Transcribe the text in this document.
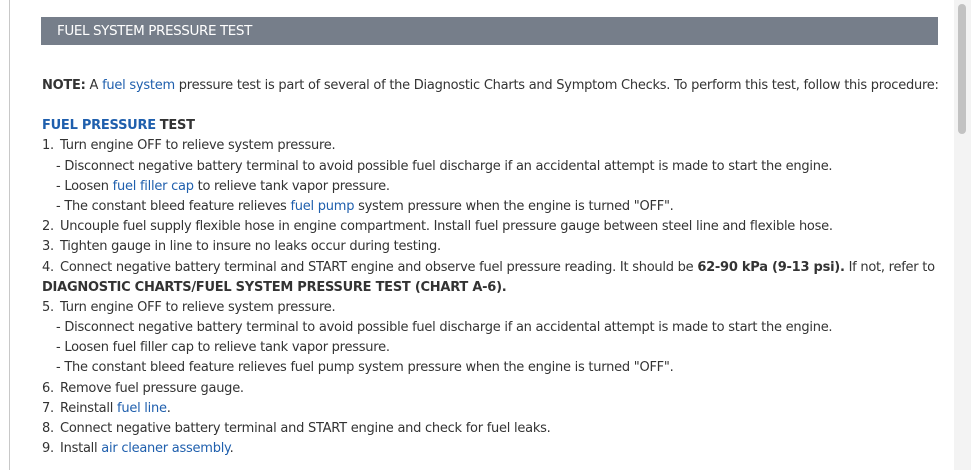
FUEL SYSTEM PRESSURE TEST
NOTE: A fuel system pressure test is part of several of the Diagnostic Charts and Symptom Checks. To perform this test, follow this procedure:
FUEL PRESSURE TEST
1. Turn engine OFF to relieve system pressure.
- Disconnect negative battery terminal to avoid possible fuel discharge if an accidental attempt is made to start the engine.
- Loosen fuel filler cap to relieve tank vapor pressure.
- The constant bleed feature relieves fuel pump system pressure when the engine is turned "OFF".
2. Uncouple fuel supply flexible hose in engine compartment. Install fuel pressure gauge between steel line and flexible hose.
3. Tighten gauge in line to insure no leaks occur during testing.
4. Connect negative battery terminal and START engine and observe fuel pressure reading. It should be 62-90 kPa (9-13 psi). If not, refer to
DIAGNOSTIC CHARTS/FUEL SYSTEM PRESSURE TEST (CHART A-6).
5. Turn engine OFF to relieve system pressure.
- Disconnect negative battery terminal to avoid possible fuel discharge if an accidental attempt is made to start the engine.
- Loosen fuel filler cap to relieve tank vapor pressure.
- The constant bleed feature relieves fuel pump system pressure when the engine is turned "OFF".
6. Remove fuel pressure gauge.
7. Reinstall fuel line.
8. Connect negative battery terminal and START engine and check for fuel leaks.
9. Install air cleaner assembly.
